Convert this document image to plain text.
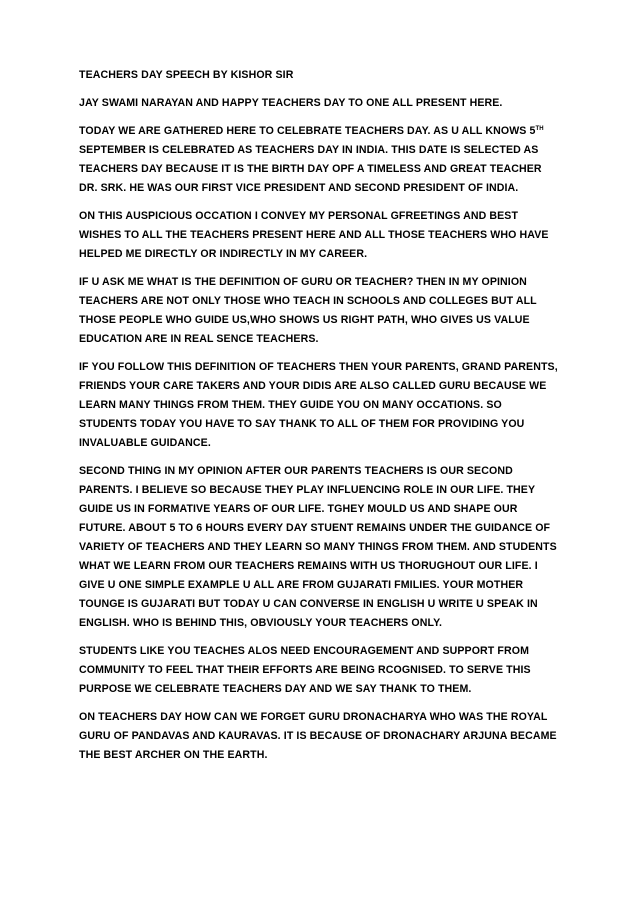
TEACHERS DAY SPEECH BY KISHOR SIR

JAY SWAMI NARAYAN AND HAPPY TEACHERS DAY TO ONE ALL PRESENT HERE.

TODAY WE ARE GATHERED HERE TO CELEBRATE TEACHERS DAY. AS U ALL KNOWS 5TH SEPTEMBER IS CELEBRATED AS TEACHERS DAY IN INDIA. THIS DATE IS SELECTED AS TEACHERS DAY BECAUSE IT IS THE BIRTH DAY OPF A TIMELESS AND GREAT TEACHER DR. SRK. HE WAS OUR FIRST VICE PRESIDENT AND SECOND PRESIDENT OF INDIA.

ON THIS AUSPICIOUS OCCATION I CONVEY MY PERSONAL GFREETINGS AND BEST WISHES TO ALL THE TEACHERS PRESENT HERE AND ALL THOSE TEACHERS WHO HAVE HELPED ME DIRECTLY OR INDIRECTLY IN MY CAREER.

IF U ASK ME WHAT IS THE DEFINITION OF GURU OR TEACHER? THEN IN MY OPINION TEACHERS ARE NOT ONLY THOSE WHO TEACH IN SCHOOLS AND COLLEGES BUT ALL THOSE PEOPLE WHO GUIDE US,WHO SHOWS US RIGHT PATH, WHO GIVES US VALUE EDUCATION ARE IN REAL SENCE TEACHERS.

IF YOU FOLLOW THIS DEFINITION OF TEACHERS THEN YOUR PARENTS, GRAND PARENTS, FRIENDS YOUR CARE TAKERS AND YOUR DIDIS ARE ALSO CALLED GURU BECAUSE WE LEARN MANY THINGS FROM THEM. THEY GUIDE YOU ON MANY OCCATIONS. SO STUDENTS TODAY YOU HAVE TO SAY THANK TO ALL OF THEM FOR PROVIDING YOU INVALUABLE GUIDANCE.

SECOND THING IN MY OPINION AFTER OUR PARENTS TEACHERS IS OUR SECOND PARENTS. I BELIEVE SO BECAUSE THEY PLAY INFLUENCING ROLE IN OUR LIFE. THEY GUIDE US IN FORMATIVE YEARS OF OUR LIFE. TGHEY MOULD US AND SHAPE OUR FUTURE. ABOUT 5 TO 6 HOURS EVERY DAY STUENT REMAINS UNDER THE GUIDANCE OF VARIETY OF TEACHERS AND THEY LEARN SO MANY THINGS FROM THEM. AND STUDENTS WHAT WE LEARN FROM OUR TEACHERS REMAINS WITH US THORUGHOUT OUR LIFE. I GIVE U ONE SIMPLE EXAMPLE U ALL ARE FROM GUJARATI FMILIES. YOUR MOTHER TOUNGE IS GUJARATI BUT TODAY U CAN CONVERSE IN ENGLISH U WRITE U SPEAK IN ENGLISH. WHO IS BEHIND THIS, OBVIOUSLY YOUR TEACHERS ONLY.

STUDENTS LIKE YOU TEACHES ALOS NEED ENCOURAGEMENT AND SUPPORT FROM COMMUNITY TO FEEL THAT THEIR EFFORTS ARE BEING RCOGNISED. TO SERVE THIS PURPOSE WE CELEBRATE TEACHERS DAY AND WE SAY THANK TO THEM.

ON TEACHERS DAY HOW CAN WE FORGET GURU DRONACHARYA WHO WAS THE ROYAL GURU OF PANDAVAS AND KAURAVAS. IT IS BECAUSE OF DRONACHARY ARJUNA BECAME THE BEST ARCHER ON THE EARTH.
